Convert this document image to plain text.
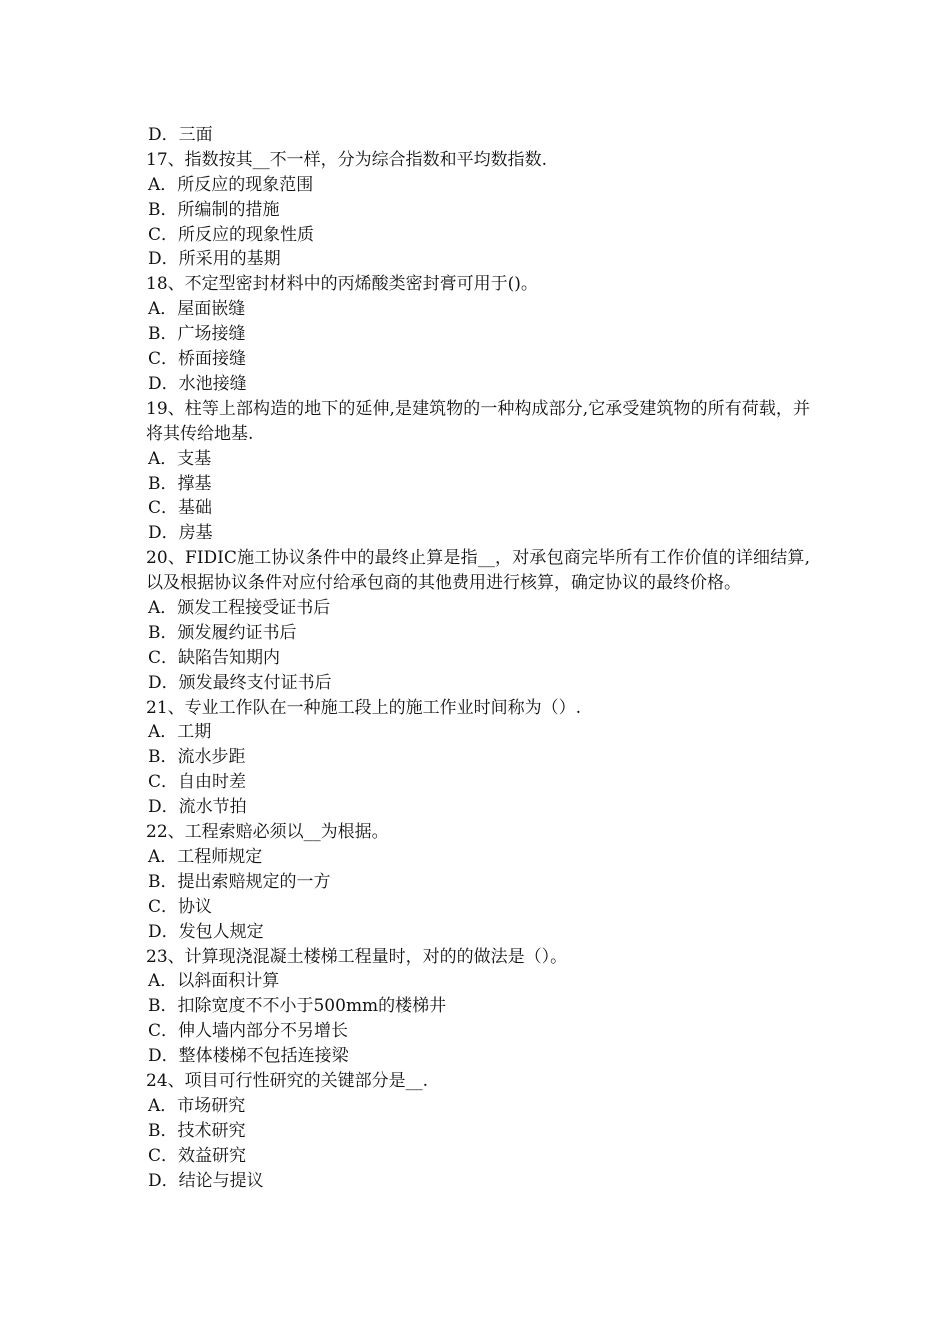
D．三面
17、指数按其__不一样，分为综合指数和平均数指数.
A．所反应的现象范围
B．所编制的措施
C．所反应的现象性质
D．所采用的基期
18、不定型密封材料中的丙烯酸类密封膏可用于()。
A．屋面嵌缝
B．广场接缝
C．桥面接缝
D．水池接缝
19、柱等上部构造的地下的延伸,是建筑物的一种构成部分,它承受建筑物的所有荷载，并将其传给地基.
A．支基
B．撑基
C．基础
D．房基
20、FIDIC施工协议条件中的最终止算是指__，对承包商完毕所有工作价值的详细结算,以及根据协议条件对应付给承包商的其他费用进行核算，确定协议的最终价格。
A．颁发工程接受证书后
B．颁发履约证书后
C．缺陷告知期内
D．颁发最终支付证书后
21、专业工作队在一种施工段上的施工作业时间称为（）.
A．工期
B．流水步距
C．自由时差
D．流水节拍
22、工程索赔必须以__为根据。
A．工程师规定
B．提出索赔规定的一方
C．协议
D．发包人规定
23、计算现浇混凝土楼梯工程量时，对的的做法是（）。
A．以斜面积计算
B．扣除宽度不不小于500mm的楼梯井
C．伸人墙内部分不另增长
D．整体楼梯不包括连接梁
24、项目可行性研究的关键部分是__.
A．市场研究
B．技术研究
C．效益研究
D．结论与提议
